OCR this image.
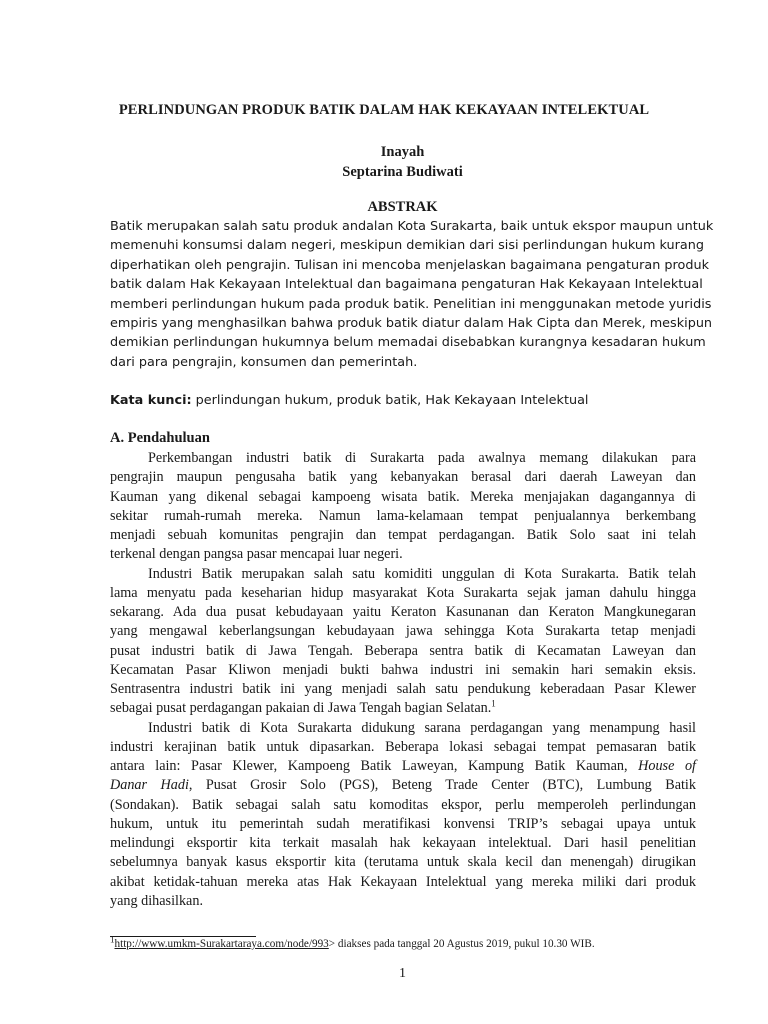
PERLINDUNGAN PRODUK BATIK DALAM HAK KEKAYAAN INTELEKTUAL
Inayah
Septarina Budiwati
ABSTRAK
Batik merupakan salah satu produk andalan Kota Surakarta, baik untuk ekspor maupun untuk
memenuhi konsumsi dalam negeri, meskipun demikian dari sisi perlindungan hukum kurang
diperhatikan oleh pengrajin. Tulisan ini mencoba menjelaskan bagaimana pengaturan produk
batik dalam Hak Kekayaan Intelektual dan bagaimana pengaturan Hak Kekayaan Intelektual
memberi perlindungan hukum pada produk batik. Penelitian ini menggunakan metode yuridis
empiris yang menghasilkan bahwa produk batik diatur dalam Hak Cipta dan Merek, meskipun
demikian perlindungan hukumnya belum memadai disebabkan kurangnya kesadaran hukum
dari para pengrajin, konsumen dan pemerintah.
Kata kunci: perlindungan hukum, produk batik, Hak Kekayaan Intelektual
A. Pendahuluan
Perkembangan industri batik di Surakarta pada awalnya memang dilakukan para
pengrajin maupun pengusaha batik yang kebanyakan berasal dari daerah Laweyan dan
Kauman yang dikenal sebagai kampoeng wisata batik. Mereka menjajakan dagangannya di
sekitar rumah-rumah mereka. Namun lama-kelamaan tempat penjualannya berkembang
menjadi sebuah komunitas pengrajin dan tempat perdagangan. Batik Solo saat ini telah
terkenal dengan pangsa pasar mencapai luar negeri.
Industri Batik merupakan salah satu komiditi unggulan di Kota Surakarta. Batik telah
lama menyatu pada keseharian hidup masyarakat Kota Surakarta sejak jaman dahulu hingga
sekarang. Ada dua pusat kebudayaan yaitu Keraton Kasunanan dan Keraton Mangkunegaran
yang mengawal keberlangsungan kebudayaan jawa sehingga Kota Surakarta tetap menjadi
pusat industri batik di Jawa Tengah. Beberapa sentra batik di Kecamatan Laweyan dan
Kecamatan Pasar Kliwon menjadi bukti bahwa industri ini semakin hari semakin eksis.
Sentrasentra industri batik ini yang menjadi salah satu pendukung keberadaan Pasar Klewer
sebagai pusat perdagangan pakaian di Jawa Tengah bagian Selatan.$^1$
Industri batik di Kota Surakarta didukung sarana perdagangan yang menampung hasil
industri kerajinan batik untuk dipasarkan. Beberapa lokasi sebagai tempat pemasaran batik
antara lain: Pasar Klewer, Kampoeng Batik Laweyan, Kampung Batik Kauman, House of
Danar Hadi, Pusat Grosir Solo (PGS), Beteng Trade Center (BTC), Lumbung Batik
(Sondakan). Batik sebagai salah satu komoditas ekspor, perlu memperoleh perlindungan
hukum, untuk itu pemerintah sudah meratifikasi konvensi TRIP’s sebagai upaya untuk
melindungi eksportir kita terkait masalah hak kekayaan intelektual. Dari hasil penelitian
sebelumnya banyak kasus eksportir kita (terutama untuk skala kecil dan menengah) dirugikan
akibat ketidak-tahuan mereka atas Hak Kekayaan Intelektual yang mereka miliki dari produk
yang dihasilkan.
$^1$http://www.umkm-Surakartaraya.com/node/993> diakses pada tanggal 20 Agustus 2019, pukul 10.30 WIB.
1
